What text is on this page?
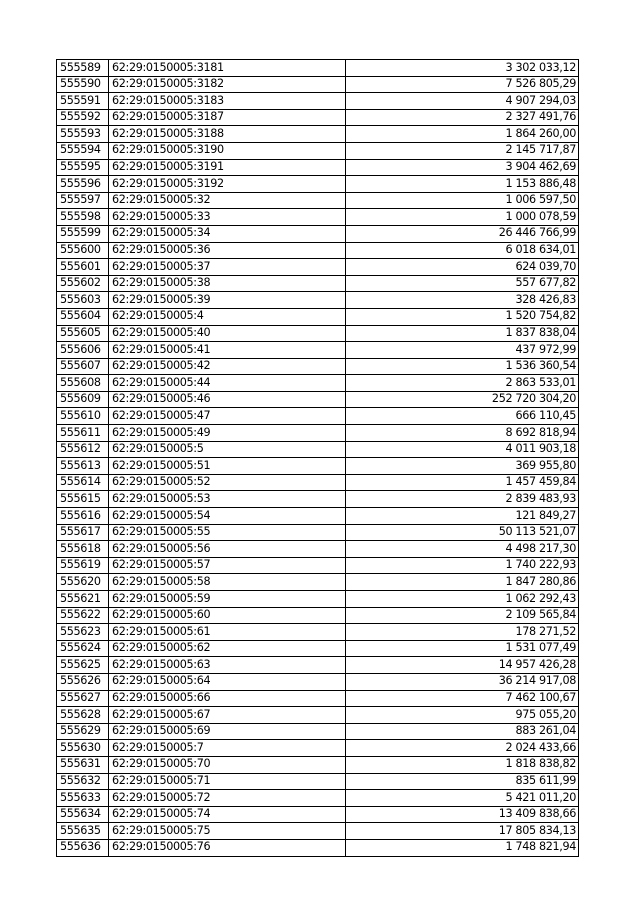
555589	62:29:0150005:3181	3 302 033,12
555590	62:29:0150005:3182	7 526 805,29
555591	62:29:0150005:3183	4 907 294,03
555592	62:29:0150005:3187	2 327 491,76
555593	62:29:0150005:3188	1 864 260,00
555594	62:29:0150005:3190	2 145 717,87
555595	62:29:0150005:3191	3 904 462,69
555596	62:29:0150005:3192	1 153 886,48
555597	62:29:0150005:32	1 006 597,50
555598	62:29:0150005:33	1 000 078,59
555599	62:29:0150005:34	26 446 766,99
555600	62:29:0150005:36	6 018 634,01
555601	62:29:0150005:37	624 039,70
555602	62:29:0150005:38	557 677,82
555603	62:29:0150005:39	328 426,83
555604	62:29:0150005:4	1 520 754,82
555605	62:29:0150005:40	1 837 838,04
555606	62:29:0150005:41	437 972,99
555607	62:29:0150005:42	1 536 360,54
555608	62:29:0150005:44	2 863 533,01
555609	62:29:0150005:46	252 720 304,20
555610	62:29:0150005:47	666 110,45
555611	62:29:0150005:49	8 692 818,94
555612	62:29:0150005:5	4 011 903,18
555613	62:29:0150005:51	369 955,80
555614	62:29:0150005:52	1 457 459,84
555615	62:29:0150005:53	2 839 483,93
555616	62:29:0150005:54	121 849,27
555617	62:29:0150005:55	50 113 521,07
555618	62:29:0150005:56	4 498 217,30
555619	62:29:0150005:57	1 740 222,93
555620	62:29:0150005:58	1 847 280,86
555621	62:29:0150005:59	1 062 292,43
555622	62:29:0150005:60	2 109 565,84
555623	62:29:0150005:61	178 271,52
555624	62:29:0150005:62	1 531 077,49
555625	62:29:0150005:63	14 957 426,28
555626	62:29:0150005:64	36 214 917,08
555627	62:29:0150005:66	7 462 100,67
555628	62:29:0150005:67	975 055,20
555629	62:29:0150005:69	883 261,04
555630	62:29:0150005:7	2 024 433,66
555631	62:29:0150005:70	1 818 838,82
555632	62:29:0150005:71	835 611,99
555633	62:29:0150005:72	5 421 011,20
555634	62:29:0150005:74	13 409 838,66
555635	62:29:0150005:75	17 805 834,13
555636	62:29:0150005:76	1 748 821,94
